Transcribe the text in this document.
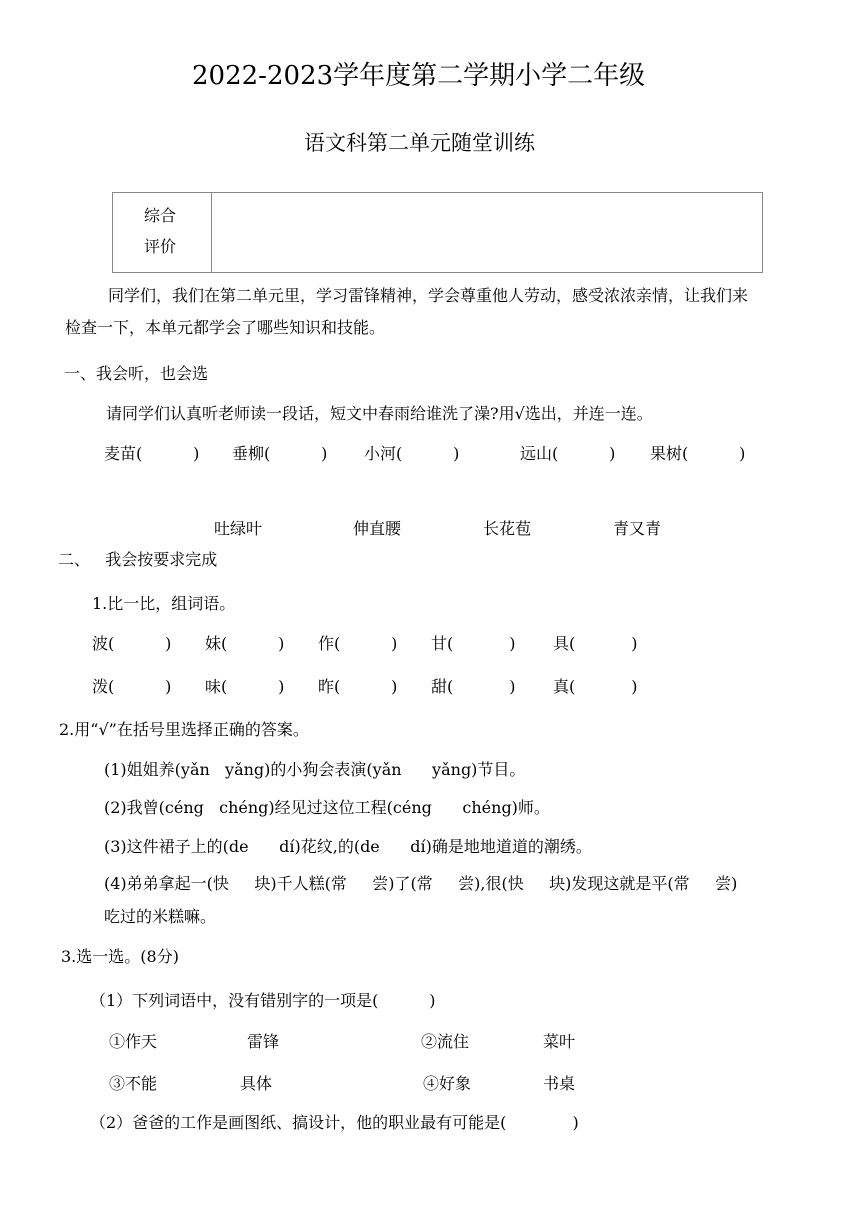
2022-2023学年度第二学期小学二年级
语文科第二单元随堂训练
综合
评价
同学们，我们在第二单元里，学习雷锋精神，学会尊重他人劳动，感受浓浓亲情，让我们来
检查一下，本单元都学会了哪些知识和技能。
一、我会听，也会选
请同学们认真听老师读一段话，短文中春雨给谁洗了澡?用√选出，并连一连。
麦苗(          ) 垂柳(          ) 小河(          )	远山(          ) 果树(          )
吐绿叶	伸直腰	长花苞	青又青
二、   我会按要求完成
1.比一比，组词语。
波(          ) 妹(          ) 作(          ) 甘(           ) 具(           )
泼(          ) 味(          ) 昨(          ) 甜(           ) 真(           )
2.用“√”在括号里选择正确的答案。
(1)姐姐养(yǎn   yǎng)的小狗会表演(yǎn      yǎng)节目。
(2)我曾(céng   chéng)经见过这位工程(céng      chéng)师。
(3)这件裙子上的(de      dí)花纹,的(de      dí)确是地地道道的潮绣。
(4)弟弟拿起一(快     块)千人糕(常     尝)了(常     尝),很(快     块)发现这就是平(常     尝)
吃过的米糕嘛。
3.选一选。(8分)
（1）下列词语中，没有错别字的一项是(          )
①作天	雷锋	②流住	菜叶
③不能	具体	④好象	书桌
（2）爸爸的工作是画图纸、搞设计，他的职业最有可能是(             )
